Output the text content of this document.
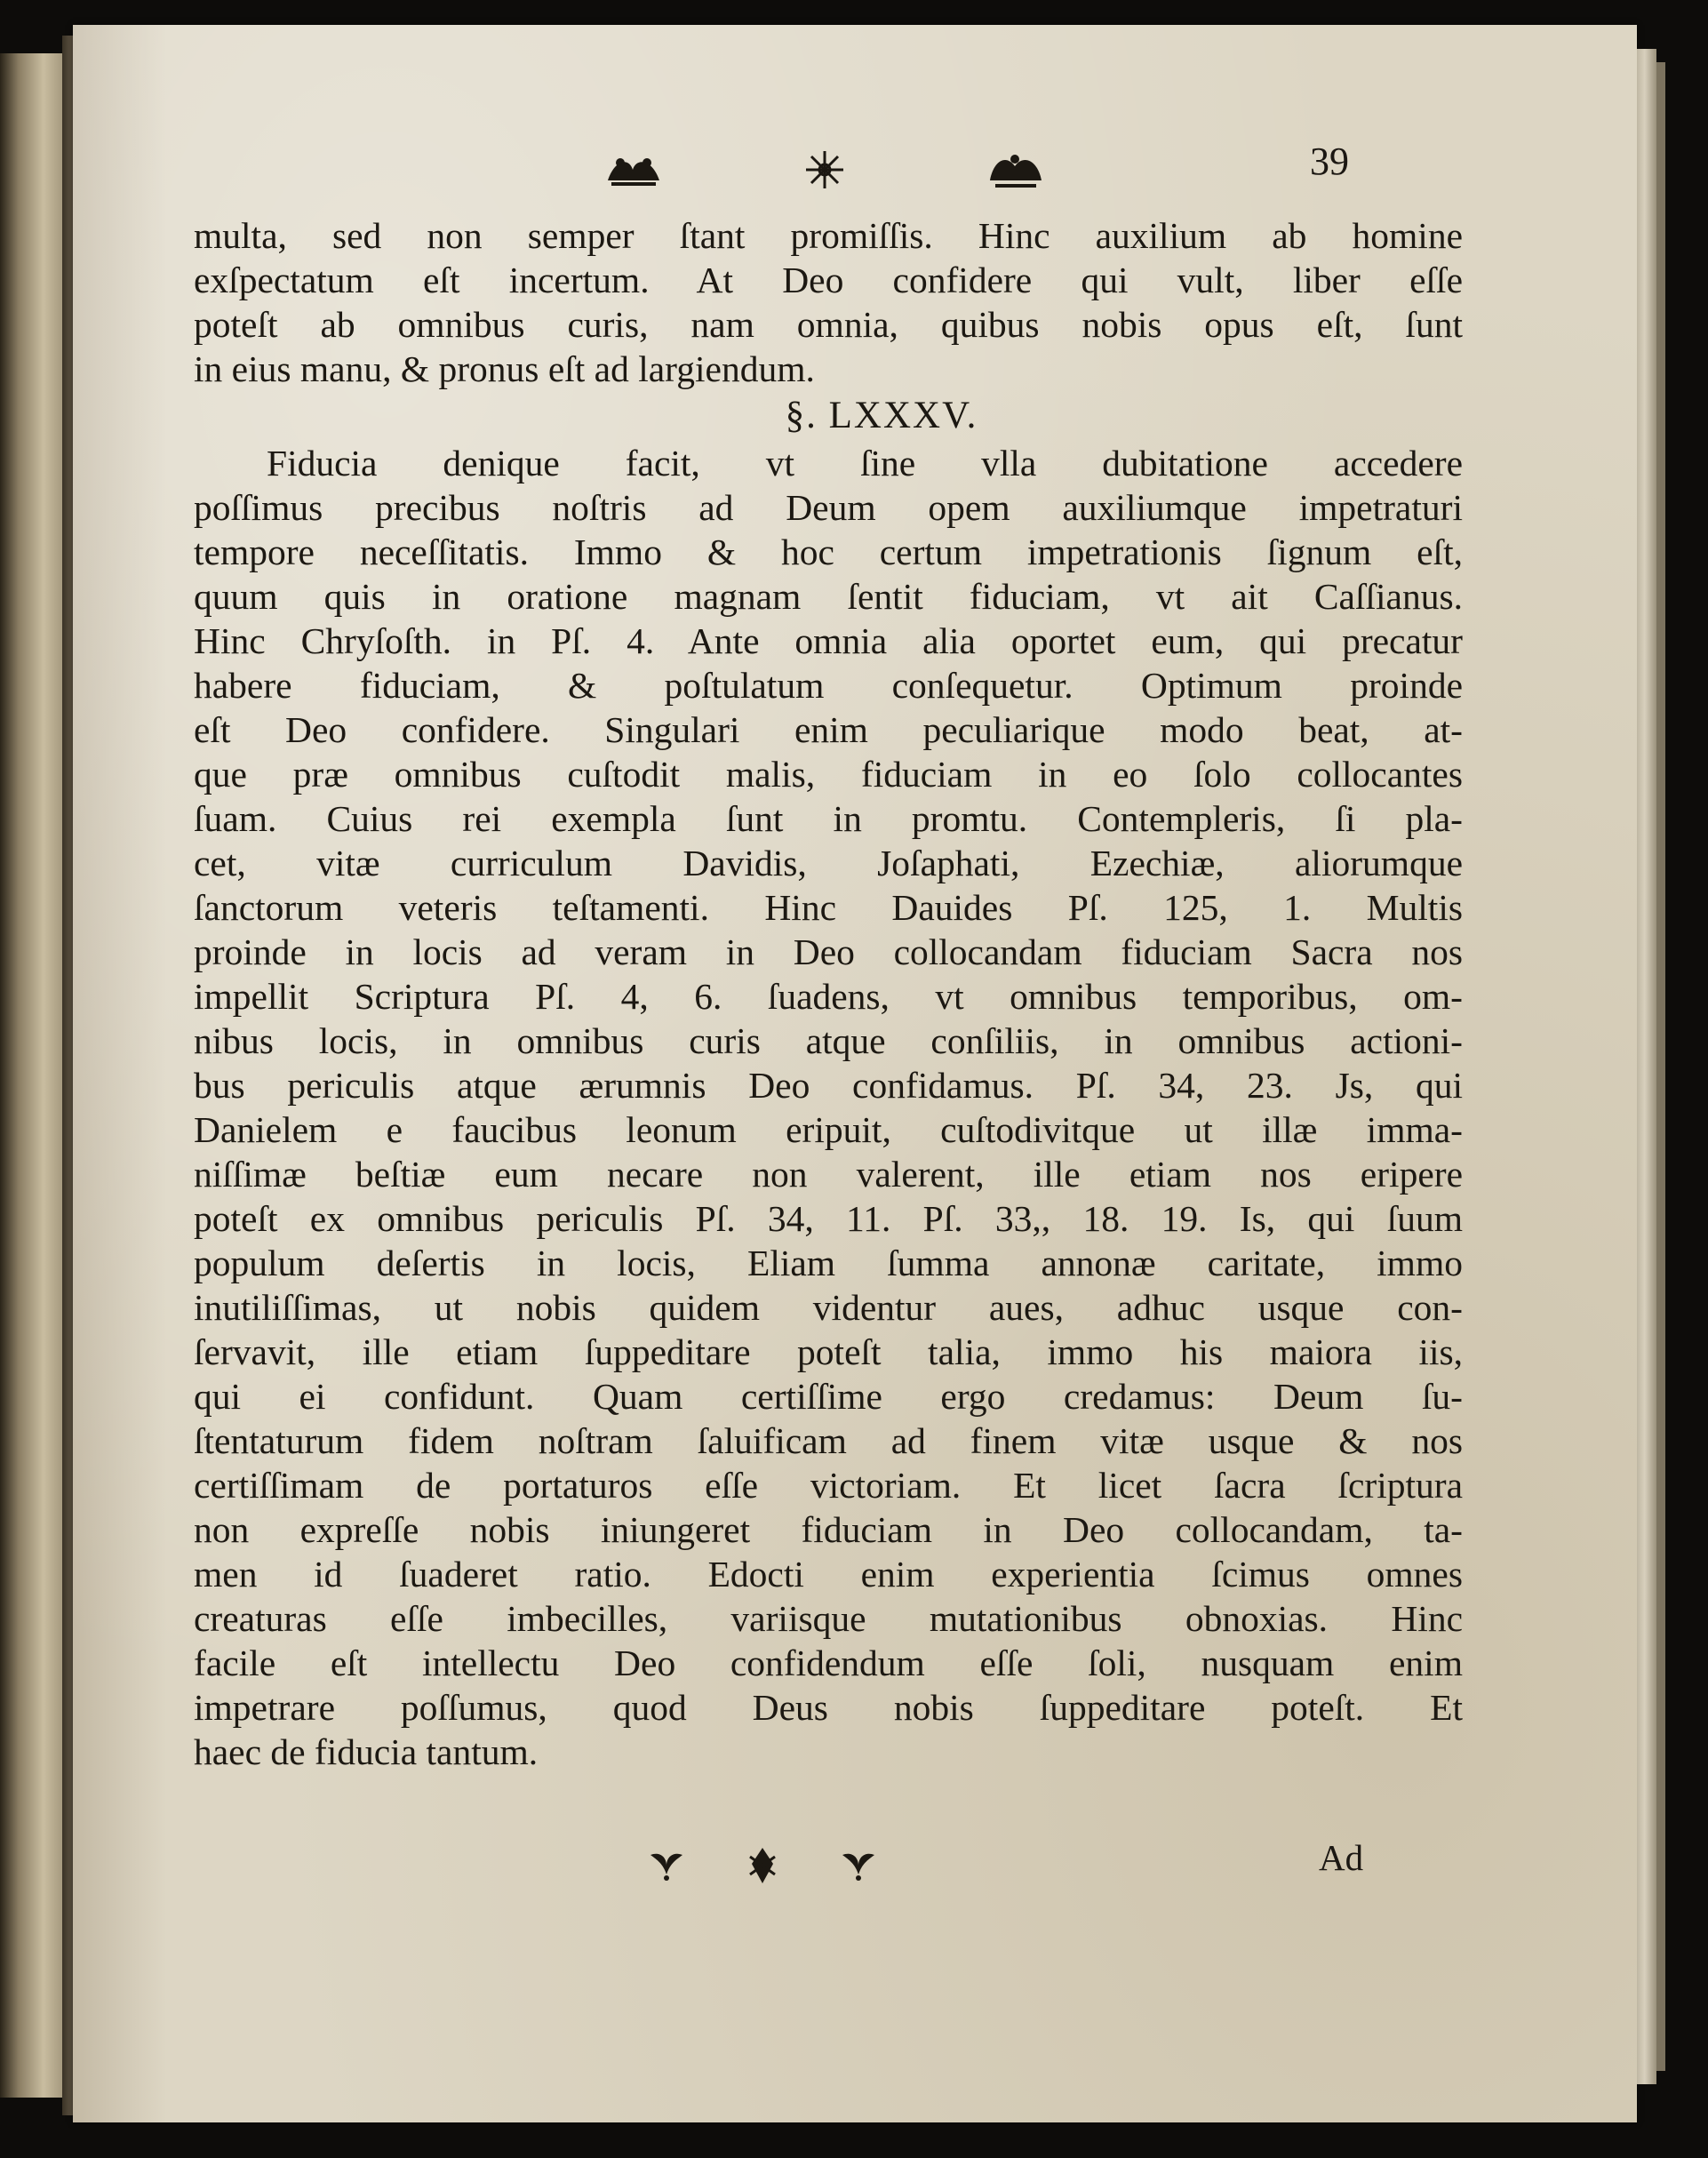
39
multa, sed non semper ſtant promiſſis. Hinc auxilium ab homine
exſpectatum eſt incertum. At Deo confidere qui vult, liber eſſe
poteſt ab omnibus curis, nam omnia, quibus nobis opus eſt, ſunt
in eius manu, & pronus eſt ad largiendum.
§. LXXXV.
Fiducia denique facit, vt ſine vlla dubitatione accedere
poſſimus precibus noſtris ad Deum opem auxiliumque impetraturi
tempore neceſſitatis. Immo & hoc certum impetrationis ſignum eſt,
quum quis in oratione magnam ſentit fiduciam, vt ait Caſſianus.
Hinc Chryſoſth. in Pſ. 4. Ante omnia alia oportet eum, qui precatur
habere fiduciam, & poſtulatum conſequetur. Optimum proinde
eſt Deo confidere. Singulari enim peculiarique modo beat, at-
que præ omnibus cuſtodit malis, fiduciam in eo ſolo collocantes
ſuam. Cuius rei exempla ſunt in promtu. Contempleris, ſi pla-
cet, vitæ curriculum Davidis, Joſaphati, Ezechiæ, aliorumque
ſanctorum veteris teſtamenti. Hinc Dauides Pſ. 125, 1. Multis
proinde in locis ad veram in Deo collocandam fiduciam Sacra nos
impellit Scriptura Pſ. 4, 6. ſuadens, vt omnibus temporibus, om-
nibus locis, in omnibus curis atque conſiliis, in omnibus actioni-
bus periculis atque ærumnis Deo confidamus. Pſ. 34, 23. Js, qui
Danielem e faucibus leonum eripuit, cuſtodivitque ut illæ imma-
niſſimæ beſtiæ eum necare non valerent, ille etiam nos eripere
poteſt ex omnibus periculis Pſ. 34, 11. Pſ. 33,, 18. 19. Is, qui ſuum
populum deſertis in locis, Eliam ſumma annonæ caritate, immo
inutiliſſimas, ut nobis quidem videntur aues, adhuc usque con-
ſervavit, ille etiam ſuppeditare poteſt talia, immo his maiora iis,
qui ei confidunt. Quam certiſſime ergo credamus: Deum ſu-
ſtentaturum fidem noſtram ſaluificam ad finem vitæ usque & nos
certiſſimam de portaturos eſſe victoriam. Et licet ſacra ſcriptura
non expreſſe nobis iniungeret fiduciam in Deo collocandam, ta-
men id ſuaderet ratio. Edocti enim experientia ſcimus omnes
creaturas eſſe imbecilles, variisque mutationibus obnoxias. Hinc
facile eſt intellectu Deo confidendum eſſe ſoli, nusquam enim
impetrare poſſumus, quod Deus nobis ſuppeditare poteſt. Et
haec de fiducia tantum.
Ad
